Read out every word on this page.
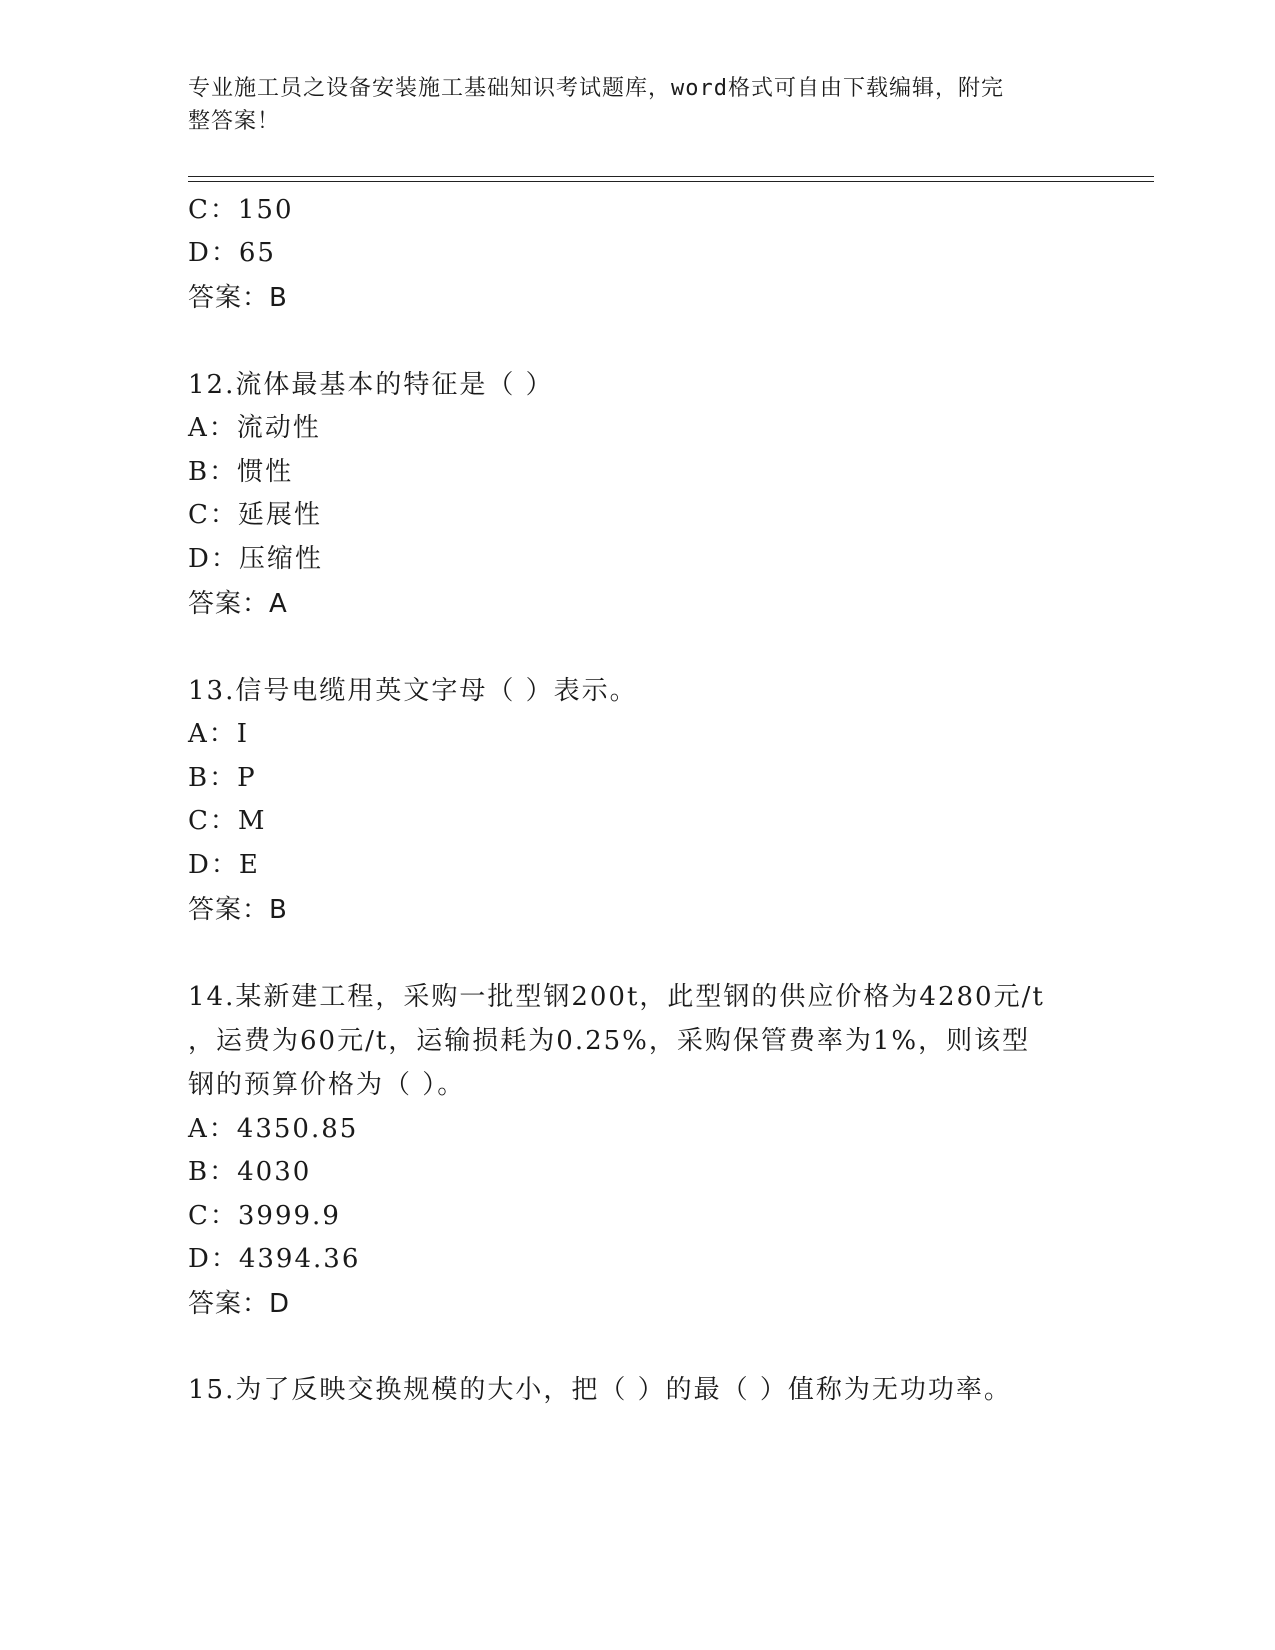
专业施工员之设备安装施工基础知识考试题库，word格式可自由下载编辑，附完
整答案！
C：150
D：65
答案：B
12.流体最基本的特征是（ ）
A：流动性
B：惯性
C：延展性
D：压缩性
答案：A
13.信号电缆用英文字母（ ）表示。
A：I
B：P
C：M
D：E
答案：B
14.某新建工程，采购一批型钢200t，此型钢的供应价格为4280元/t
，运费为60元/t，运输损耗为0.25%，采购保管费率为1%，则该型
钢的预算价格为（ ）。
A：4350.85
B：4030
C：3999.9
D：4394.36
答案：D
15.为了反映交换规模的大小，把（ ）的最（ ）值称为无功功率。
